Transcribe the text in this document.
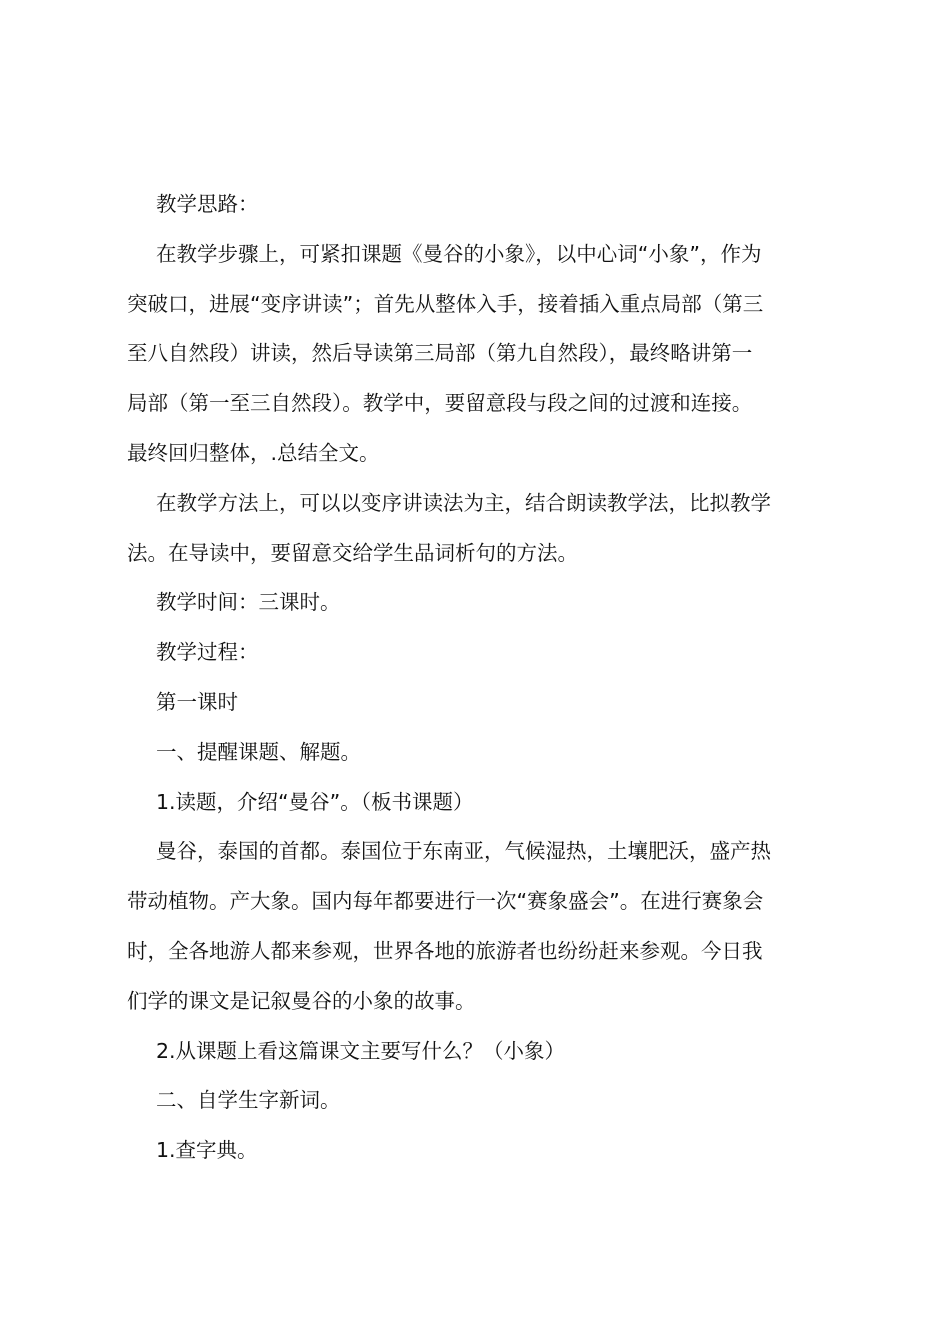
教学思路：
在教学步骤上，可紧扣课题《曼谷的小象》，以中心词“小象”，作为
突破口，进展“变序讲读”；首先从整体入手，接着插入重点局部（第三
至八自然段）讲读，然后导读第三局部（第九自然段），最终略讲第一
局部（第一至三自然段）。教学中，要留意段与段之间的过渡和连接。
最终回归整体，.总结全文。
在教学方法上，可以以变序讲读法为主，结合朗读教学法，比拟教学
法。在导读中，要留意交给学生品词析句的方法。
教学时间：三课时。
教学过程：
第一课时
一、提醒课题、解题。
1.读题，介绍“曼谷”。（板书课题）
曼谷，泰国的首都。泰国位于东南亚，气候湿热，土壤肥沃，盛产热
带动植物。产大象。国内每年都要进行一次“赛象盛会”。在进行赛象会
时，全各地游人都来参观，世界各地的旅游者也纷纷赶来参观。今日我
们学的课文是记叙曼谷的小象的故事。
2.从课题上看这篇课文主要写什么？（小象）
二、自学生字新词。
1.查字典。
